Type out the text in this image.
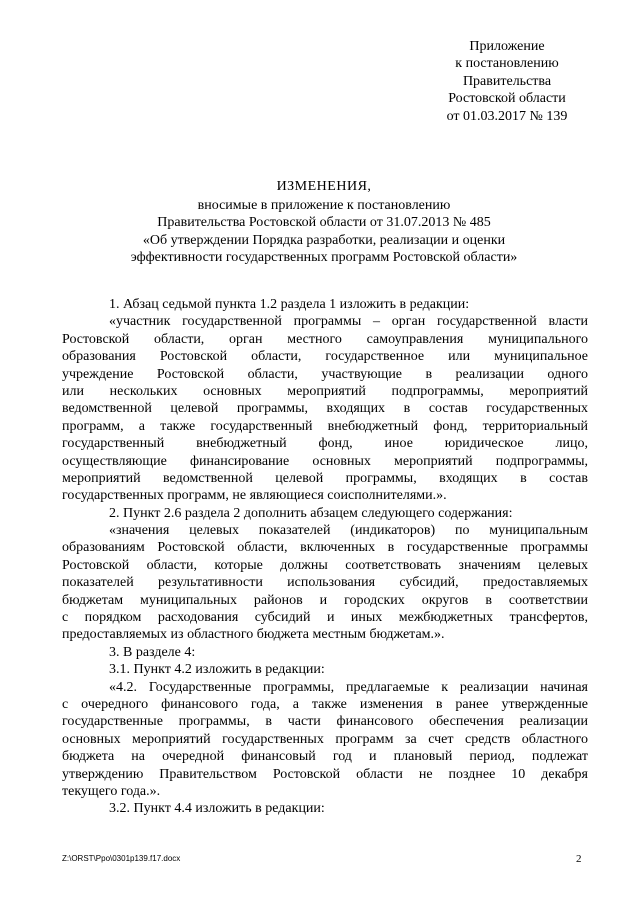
Приложение
к постановлению
Правительства
Ростовской области
от 01.03.2017 № 139
ИЗМЕНЕНИЯ,
вносимые в приложение к постановлению
Правительства Ростовской области от 31.07.2013 № 485
«Об утверждении Порядка разработки, реализации и оценки
эффективности государственных программ Ростовской области»
1. Абзац седьмой пункта 1.2 раздела 1 изложить в редакции:
«участник государственной программы – орган государственной власти
Ростовской области, орган местного самоуправления муниципального
образования Ростовской области, государственное или муниципальное
учреждение Ростовской области, участвующие в реализации одного
или нескольких основных мероприятий подпрограммы, мероприятий
ведомственной целевой программы, входящих в состав государственных
программ, а также государственный внебюджетный фонд, территориальный
государственный внебюджетный фонд, иное юридическое лицо,
осуществляющие финансирование основных мероприятий подпрограммы,
мероприятий ведомственной целевой программы, входящих в состав
государственных программ, не являющиеся соисполнителями.».
2. Пункт 2.6 раздела 2 дополнить абзацем следующего содержания:
«значения целевых показателей (индикаторов) по муниципальным
образованиям Ростовской области, включенных в государственные программы
Ростовской области, которые должны соответствовать значениям целевых
показателей результативности использования субсидий, предоставляемых
бюджетам муниципальных районов и городских округов в соответствии
с порядком расходования субсидий и иных межбюджетных трансфертов,
предоставляемых из областного бюджета местным бюджетам.».
3. В разделе 4:
3.1. Пункт 4.2 изложить в редакции:
«4.2. Государственные программы, предлагаемые к реализации начиная
с очередного финансового года, а также изменения в ранее утвержденные
государственные программы, в части финансового обеспечения реализации
основных мероприятий государственных программ за счет средств областного
бюджета на очередной финансовый год и плановый период, подлежат
утверждению Правительством Ростовской области не позднее 10 декабря
текущего года.».
3.2. Пункт 4.4 изложить в редакции:
Z:\ORST\Ppo\0301p139.f17.docx	2
